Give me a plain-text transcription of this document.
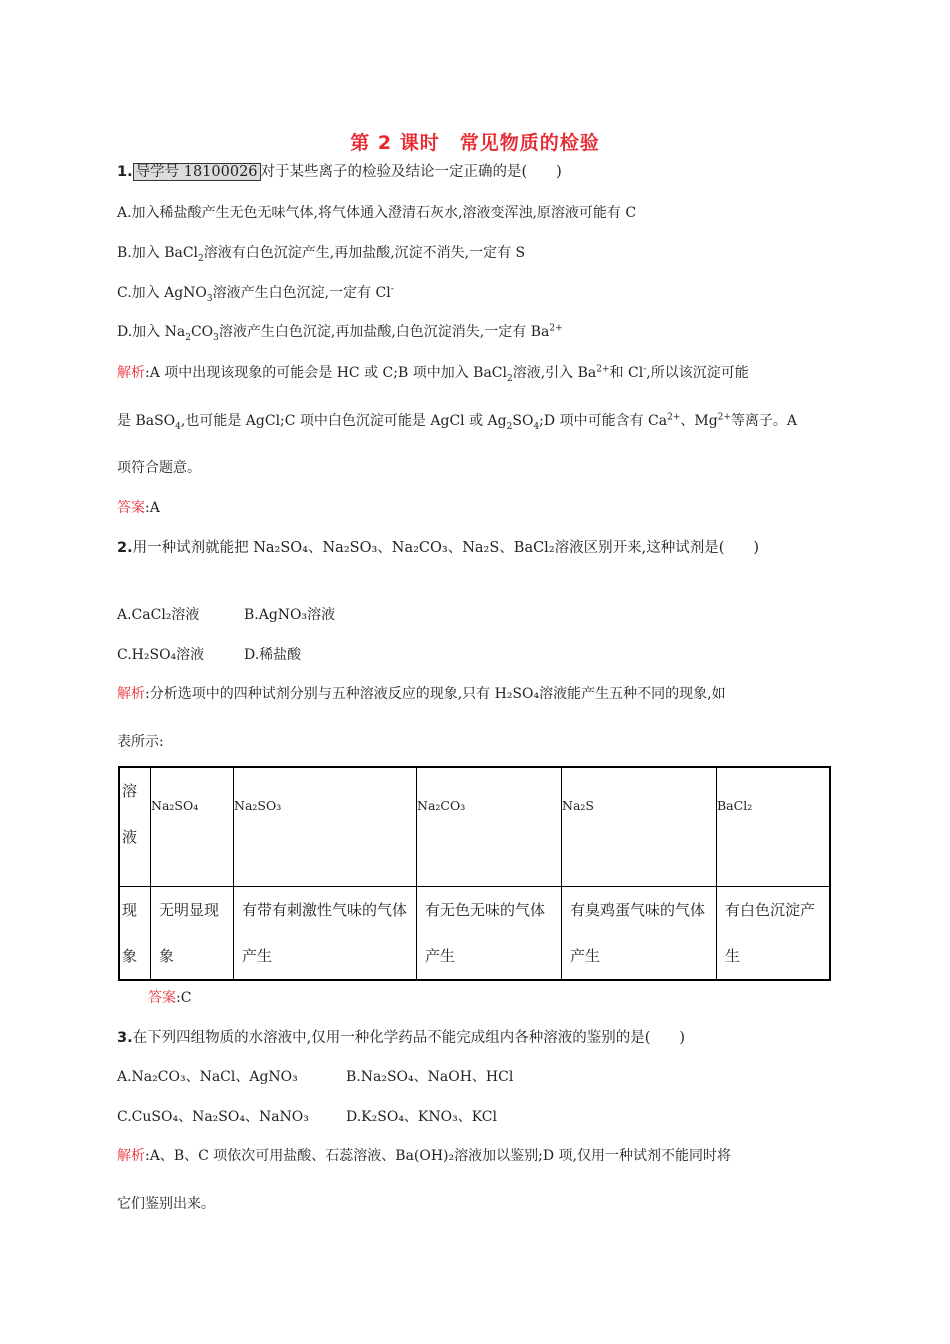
第 2 课时　常见物质的检验
1. 导学号 18100026 对于某些离子的检验及结论一定正确的是(　　)
A.加入稀盐酸产生无色无味气体,将气体通入澄清石灰水,溶液变浑浊,原溶液可能有 C
B.加入 BaCl$_2$溶液有白色沉淀产生,再加盐酸,沉淀不消失,一定有 S
C.加入 AgNO$_3$溶液产生白色沉淀,一定有 Cl-
D.加入 $Na_2CO_3$溶液产生白色沉淀,再加盐酸,白色沉淀消失,一定有 $Ba^{2+}$
解析:A 项中出现该现象的可能会是 HC 或 C;B 项中加入 BaCl$_2$溶液,引入 $Ba^{2+}$和 Cl-,所以该沉淀可能
是 BaSO$_4$,也可能是 AgCl;C 项中白色沉淀可能是 AgCl 或 $Ag_2SO_4;D$ 项中可能含有 $Ca^{2+}$、$Mg^{2+}$等离子。A
项符合题意。
答案:A
2.用一种试剂就能把 Na₂SO₄、Na₂SO₃、Na₂CO₃、Na₂S、BaCl₂溶液区别开来,这种试剂是(　　)
A.CaCl₂溶液	B.AgNO₃溶液
C.H₂SO₄溶液	D.稀盐酸
解析:分析选项中的四种试剂分别与五种溶液反应的现象,只有 H₂SO₄溶液能产生五种不同的现象,如
表所示:
溶液	Na₂SO₄	Na₂SO₃	Na₂CO₃	Na₂S	BaCl₂
现象	无明显现象	有带有刺激性气味的气体产生	有无色无味的气体产生	有臭鸡蛋气味的气体产生	有白色沉淀产生
答案:C
3.在下列四组物质的水溶液中,仅用一种化学药品不能完成组内各种溶液的鉴别的是(　　)
A.Na₂CO₃、NaCl、AgNO₃	B.Na₂SO₄、NaOH、HCl
C.CuSO₄、Na₂SO₄、NaNO₃	D.K₂SO₄、KNO₃、KCl
解析:A、B、C 项依次可用盐酸、石蕊溶液、Ba(OH)₂溶液加以鉴别;D 项,仅用一种试剂不能同时将
它们鉴别出来。
